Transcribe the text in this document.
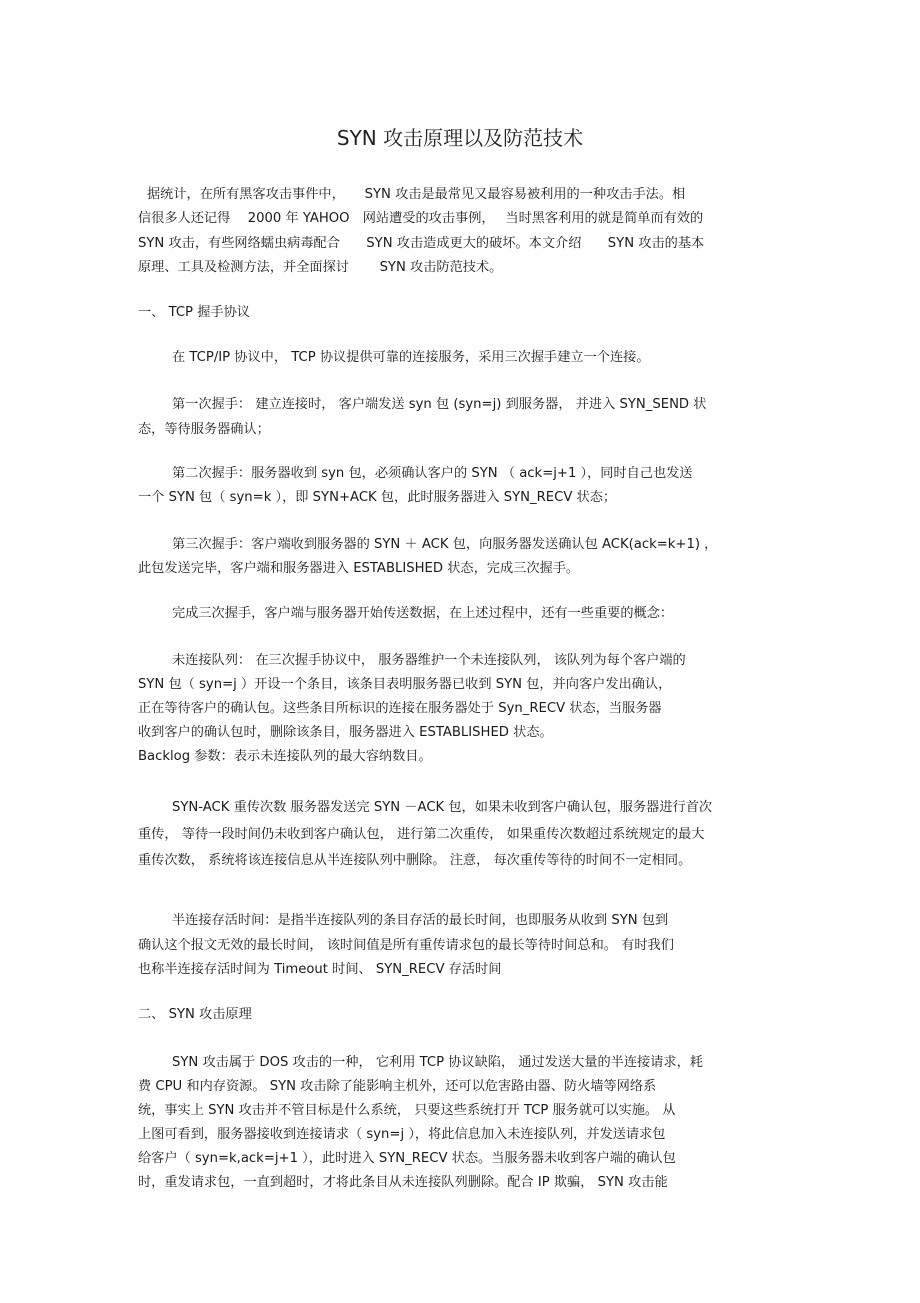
SYN 攻击原理以及防范技术
据统计，在所有黑客攻击事件中，　　SYN 攻击是最常见又最容易被利用的一种攻击手法。相
信很多人还记得　 2000 年 YAHOO　网站遭受的攻击事例，　 当时黑客利用的就是简单而有效的
SYN 攻击，有些网络蠕虫病毒配合　　SYN 攻击造成更大的破坏。本文介绍　　SYN 攻击的基本
原理、工具及检测方法，并全面探讨　　 SYN 攻击防范技术。
一、 TCP 握手协议
在 TCP/IP 协议中， TCP 协议提供可靠的连接服务，采用三次握手建立一个连接。
第一次握手： 建立连接时， 客户端发送 syn 包 (syn=j) 到服务器， 并进入 SYN_SEND 状
态，等待服务器确认；
第二次握手：服务器收到 syn 包，必须确认客户的 SYN （ ack=j+1 ），同时自己也发送
一个 SYN 包（ syn=k ），即 SYN+ACK 包，此时服务器进入 SYN_RECV 状态；
第三次握手：客户端收到服务器的 SYN ＋ ACK 包，向服务器发送确认包 ACK(ack=k+1) ，
此包发送完毕，客户端和服务器进入 ESTABLISHED 状态，完成三次握手。
完成三次握手，客户端与服务器开始传送数据，在上述过程中，还有一些重要的概念：
未连接队列： 在三次握手协议中， 服务器维护一个未连接队列， 该队列为每个客户端的
SYN 包（ syn=j ）开设一个条目，该条目表明服务器已收到 SYN 包，并向客户发出确认，
正在等待客户的确认包。这些条目所标识的连接在服务器处于 Syn_RECV 状态，当服务器
收到客户的确认包时，删除该条目，服务器进入 ESTABLISHED 状态。
Backlog 参数：表示未连接队列的最大容纳数目。
SYN-ACK 重传次数 服务器发送完 SYN －ACK 包，如果未收到客户确认包，服务器进行首次
重传， 等待一段时间仍未收到客户确认包， 进行第二次重传， 如果重传次数超过系统规定的最大
重传次数， 系统将该连接信息从半连接队列中删除。 注意， 每次重传等待的时间不一定相同。
半连接存活时间：是指半连接队列的条目存活的最长时间，也即服务从收到 SYN 包到
确认这个报文无效的最长时间， 该时间值是所有重传请求包的最长等待时间总和。 有时我们
也称半连接存活时间为 Timeout 时间、 SYN_RECV 存活时间
二、 SYN 攻击原理
SYN 攻击属于 DOS 攻击的一种， 它利用 TCP 协议缺陷， 通过发送大量的半连接请求，耗
费 CPU 和内存资源。 SYN 攻击除了能影响主机外，还可以危害路由器、防火墙等网络系
统，事实上 SYN 攻击并不管目标是什么系统， 只要这些系统打开 TCP 服务就可以实施。 从
上图可看到，服务器接收到连接请求（ syn=j ），将此信息加入未连接队列，并发送请求包
给客户（ syn=k,ack=j+1 ），此时进入 SYN_RECV 状态。当服务器未收到客户端的确认包
时，重发请求包，一直到超时，才将此条目从未连接队列删除。配合 IP 欺骗， SYN 攻击能
